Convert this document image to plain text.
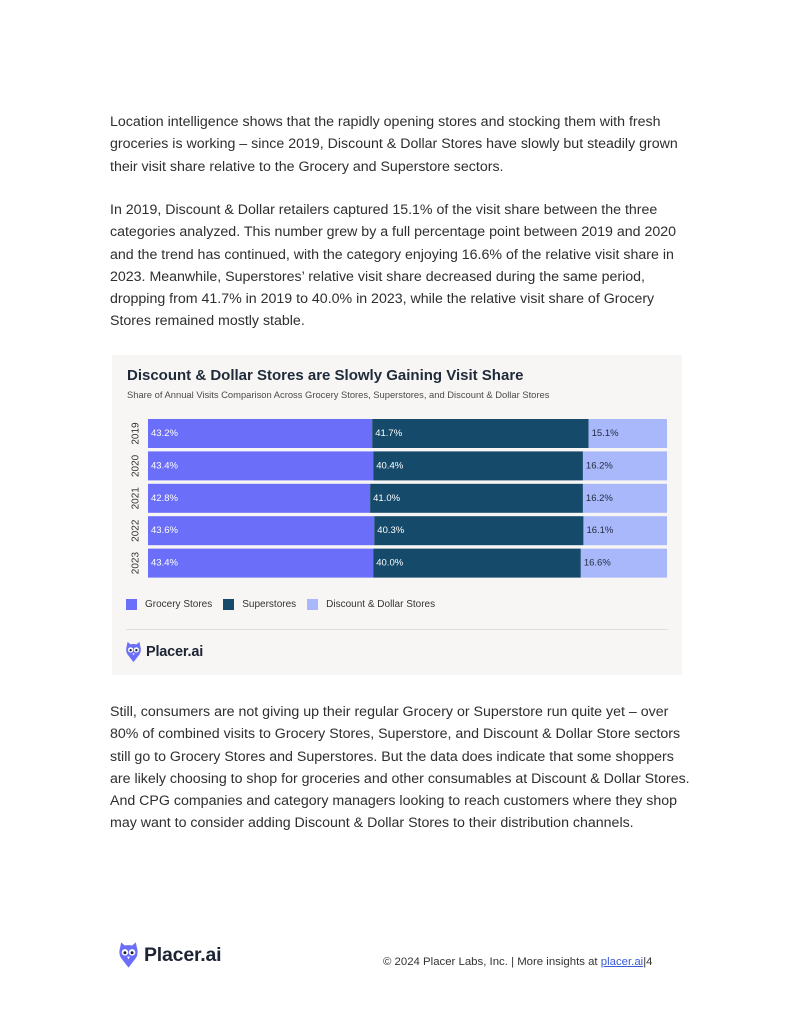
Location intelligence shows that the rapidly opening stores and stocking them with fresh groceries is working – since 2019, Discount & Dollar Stores have slowly but steadily grown their visit share relative to the Grocery and Superstore sectors.

In 2019, Discount & Dollar retailers captured 15.1% of the visit share between the three categories analyzed. This number grew by a full percentage point between 2019 and 2020 and the trend has continued, with the category enjoying 16.6% of the relative visit share in 2023. Meanwhile, Superstores’ relative visit share decreased during the same period, dropping from 41.7% in 2019 to 40.0% in 2023, while the relative visit share of Grocery Stores remained mostly stable.

Discount & Dollar Stores are Slowly Gaining Visit Share

Share of Annual Visits Comparison Across Grocery Stores, Superstores, and Discount & Dollar Stores

2019 43.2%	41.7%	15.1%
2020 43.4%	40.4%	16.2%
2021 42.8%	41.0%	16.2%
2022 43.6%	40.3%	16.1%
2023 43.4%	40.0%	16.6%
Grocery Stores	Superstores	Discount & Dollar Stores
Placer.ai

Still, consumers are not giving up their regular Grocery or Superstore run quite yet – over 80% of combined visits to Grocery Stores, Superstore, and Discount & Dollar Store sectors still go to Grocery Stores and Superstores. But the data does indicate that some shoppers are likely choosing to shop for groceries and other consumables at Discount & Dollar Stores. And CPG companies and category managers looking to reach customers where they shop may want to consider adding Discount & Dollar Stores to their distribution channels.

Placer.ai	© 2024 Placer Labs, Inc. | More insights at placer.ai|4
